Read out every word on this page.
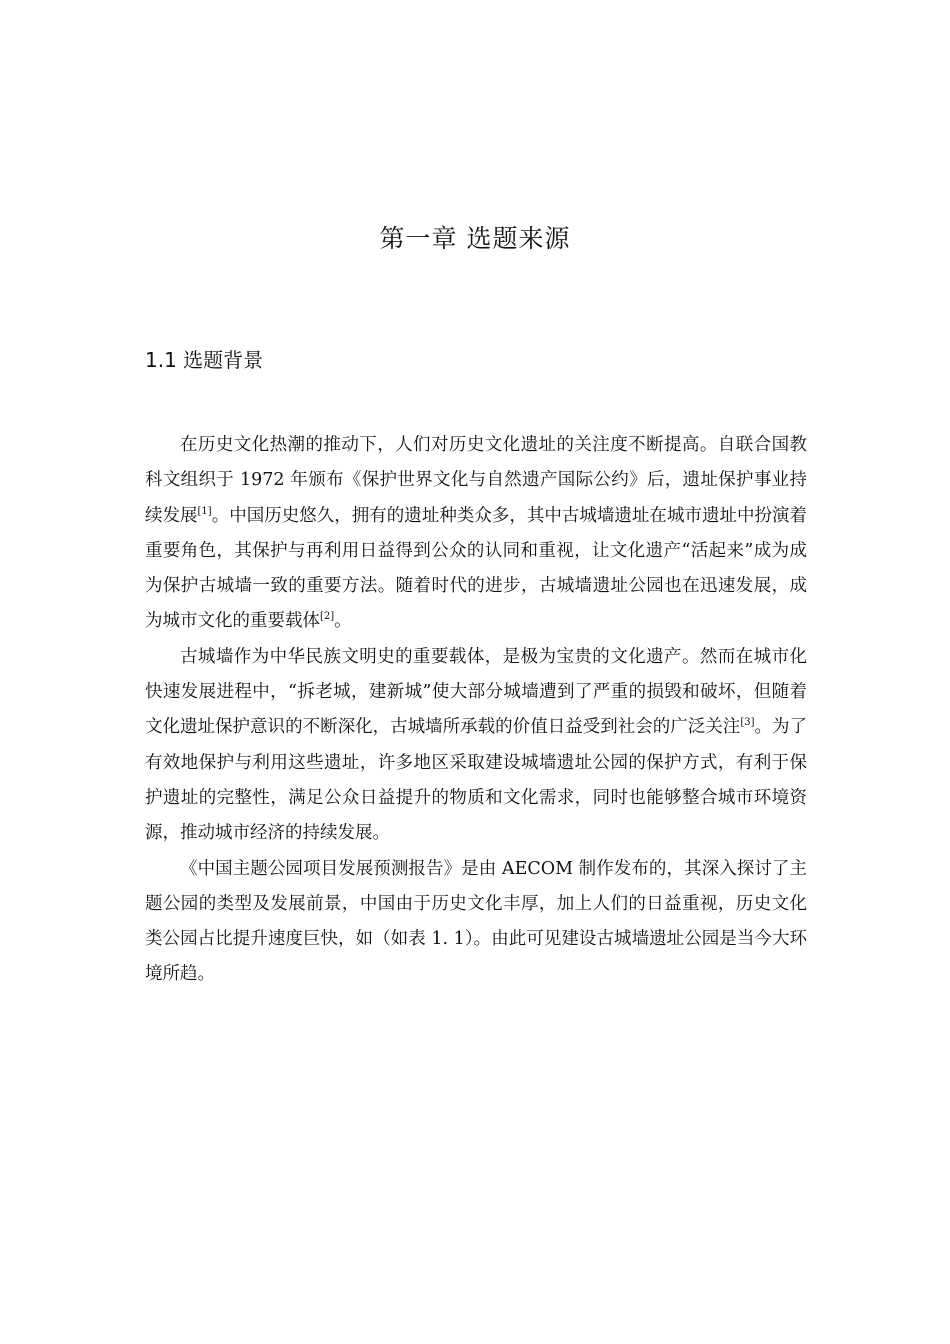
第一章 选题来源
1.1 选题背景

在历史文化热潮的推动下，人们对历史文化遗址的关注度不断提高。自联合国教科文组织于 1972 年颁布《保护世界文化与自然遗产国际公约》后，遗址保护事业持续发展[1]。中国历史悠久，拥有的遗址种类众多，其中古城墙遗址在城市遗址中扮演着重要角色，其保护与再利用日益得到公众的认同和重视，让文化遗产“活起来”成为成为保护古城墙一致的重要方法。随着时代的进步，古城墙遗址公园也在迅速发展，成为城市文化的重要载体[2]。

古城墙作为中华民族文明史的重要载体，是极为宝贵的文化遗产。然而在城市化快速发展进程中，“拆老城，建新城”使大部分城墙遭到了严重的损毁和破坏，但随着文化遗址保护意识的不断深化，古城墙所承载的价值日益受到社会的广泛关注[3]。为了有效地保护与利用这些遗址，许多地区采取建设城墙遗址公园的保护方式，有利于保护遗址的完整性，满足公众日益提升的物质和文化需求，同时也能够整合城市环境资源，推动城市经济的持续发展。

《中国主题公园项目发展预测报告》是由 AECOM 制作发布的，其深入探讨了主题公园的类型及发展前景，中国由于历史文化丰厚，加上人们的日益重视，历史文化类公园占比提升速度巨快，如（如表 1. 1）。由此可见建设古城墙遗址公园是当今大环境所趋。
